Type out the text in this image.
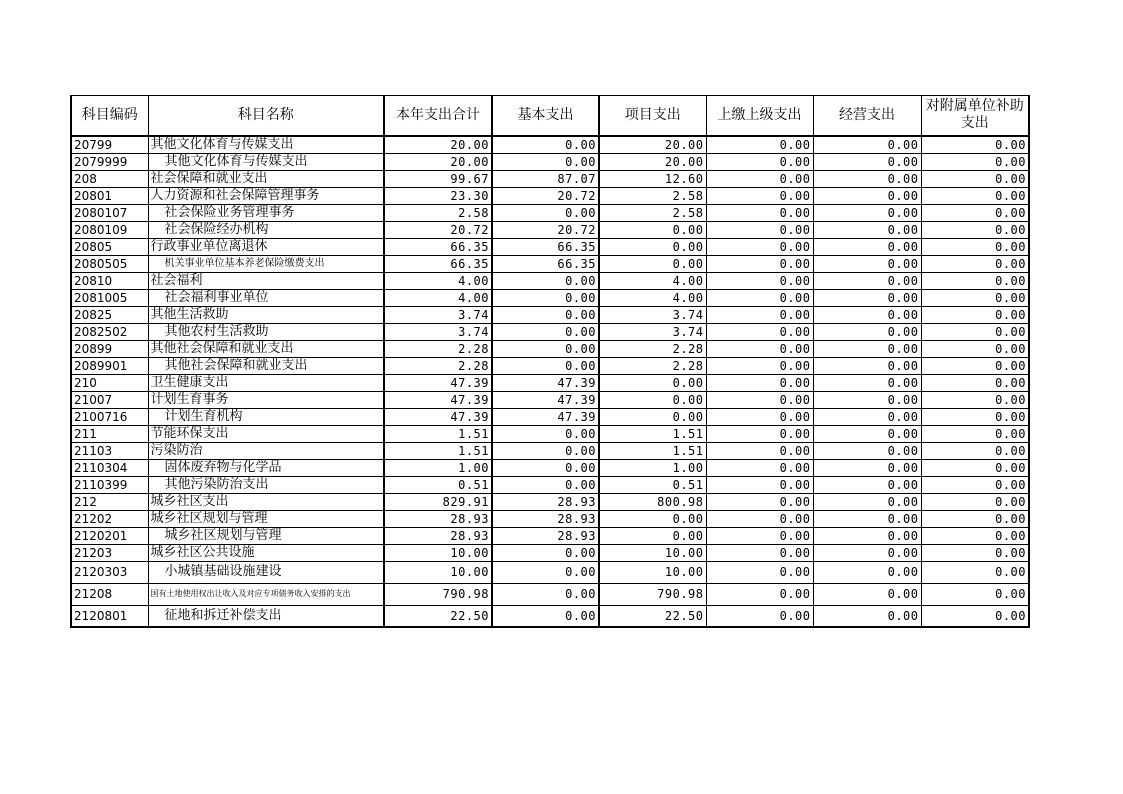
科目编码	科目名称	本年支出合计	基本支出	项目支出	上缴上级支出	经营支出	对附属单位补助支出
20799	其他文化体育与传媒支出	20.00	0.00	20.00	0.00	0.00	0.00
2079999	其他文化体育与传媒支出	20.00	0.00	20.00	0.00	0.00	0.00
208	社会保障和就业支出	99.67	87.07	12.60	0.00	0.00	0.00
20801	人力资源和社会保障管理事务	23.30	20.72	2.58	0.00	0.00	0.00
2080107	社会保险业务管理事务	2.58	0.00	2.58	0.00	0.00	0.00
2080109	社会保险经办机构	20.72	20.72	0.00	0.00	0.00	0.00
20805	行政事业单位离退休	66.35	66.35	0.00	0.00	0.00	0.00
2080505	机关事业单位基本养老保险缴费支出	66.35	66.35	0.00	0.00	0.00	0.00
20810	社会福利	4.00	0.00	4.00	0.00	0.00	0.00
2081005	社会福利事业单位	4.00	0.00	4.00	0.00	0.00	0.00
20825	其他生活救助	3.74	0.00	3.74	0.00	0.00	0.00
2082502	其他农村生活救助	3.74	0.00	3.74	0.00	0.00	0.00
20899	其他社会保障和就业支出	2.28	0.00	2.28	0.00	0.00	0.00
2089901	其他社会保障和就业支出	2.28	0.00	2.28	0.00	0.00	0.00
210	卫生健康支出	47.39	47.39	0.00	0.00	0.00	0.00
21007	计划生育事务	47.39	47.39	0.00	0.00	0.00	0.00
2100716	计划生育机构	47.39	47.39	0.00	0.00	0.00	0.00
211	节能环保支出	1.51	0.00	1.51	0.00	0.00	0.00
21103	污染防治	1.51	0.00	1.51	0.00	0.00	0.00
2110304	固体废弃物与化学品	1.00	0.00	1.00	0.00	0.00	0.00
2110399	其他污染防治支出	0.51	0.00	0.51	0.00	0.00	0.00
212	城乡社区支出	829.91	28.93	800.98	0.00	0.00	0.00
21202	城乡社区规划与管理	28.93	28.93	0.00	0.00	0.00	0.00
2120201	城乡社区规划与管理	28.93	28.93	0.00	0.00	0.00	0.00
21203	城乡社区公共设施	10.00	0.00	10.00	0.00	0.00	0.00
2120303	小城镇基础设施建设	10.00	0.00	10.00	0.00	0.00	0.00
21208	国有土地使用权出让收入及对应专项债务收入安排的支出	790.98	0.00	790.98	0.00	0.00	0.00
2120801	征地和拆迁补偿支出	22.50	0.00	22.50	0.00	0.00	0.00
